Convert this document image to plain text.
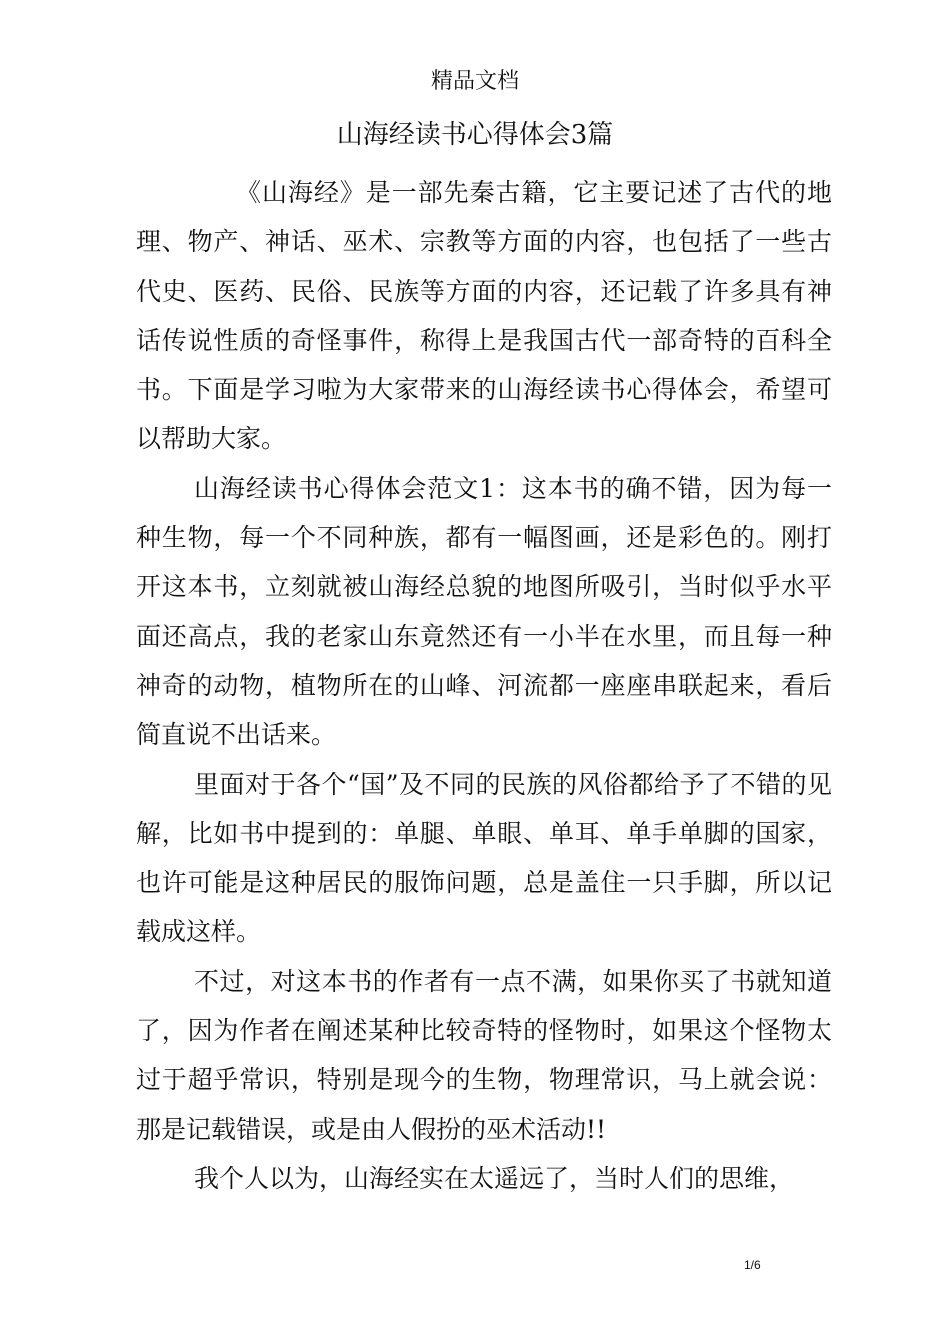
精品文档
山海经读书心得体会3篇

《山海经》是一部先秦古籍，它主要记述了古代的地理、物产、神话、巫术、宗教等方面的内容，也包括了一些古代史、医药、民俗、民族等方面的内容，还记载了许多具有神话传说性质的奇怪事件，称得上是我国古代一部奇特的百科全书。下面是学习啦为大家带来的山海经读书心得体会，希望可以帮助大家。

山海经读书心得体会范文1：这本书的确不错，因为每一种生物，每一个不同种族，都有一幅图画，还是彩色的。刚打开这本书，立刻就被山海经总貌的地图所吸引，当时似乎水平面还高点，我的老家山东竟然还有一小半在水里，而且每一种神奇的动物，植物所在的山峰、河流都一座座串联起来，看后简直说不出话来。

里面对于各个“国”及不同的民族的风俗都给予了不错的见解，比如书中提到的：单腿、单眼、单耳、单手单脚的国家，也许可能是这种居民的服饰问题，总是盖住一只手脚，所以记载成这样。

不过，对这本书的作者有一点不满，如果你买了书就知道了，因为作者在阐述某种比较奇特的怪物时，如果这个怪物太过于超乎常识，特别是现今的生物，物理常识，马上就会说：那是记载错误，或是由人假扮的巫术活动!!

我个人以为，山海经实在太遥远了，当时人们的思维，

1/6
